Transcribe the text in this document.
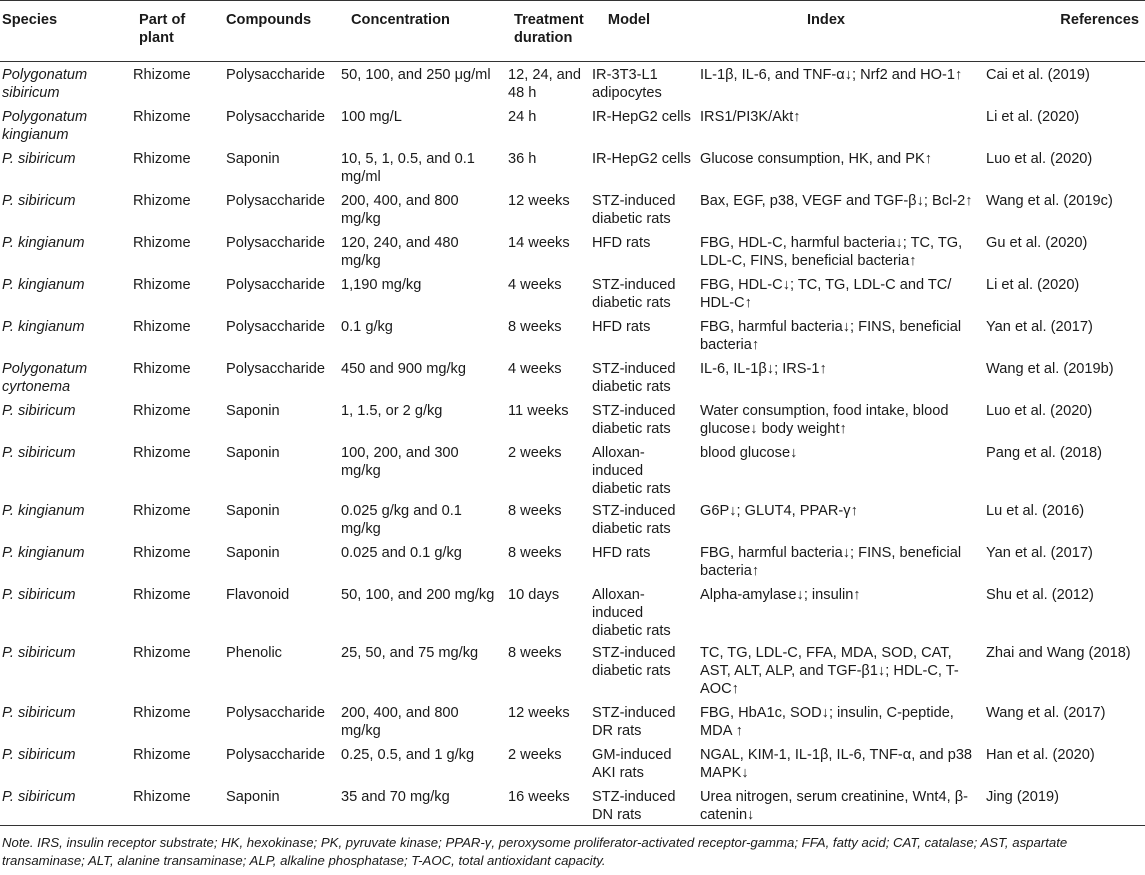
Species	Part of plant	Compounds	Concentration	Treatment duration	Model	Index	References
Polygonatum sibiricum	Rhizome	Polysaccharide	50, 100, and 250 μg/ml	12, 24, and 48 h	IR-3T3-L1 adipocytes	IL-1β, IL-6, and TNF-α↓; Nrf2 and HO-1↑	Cai et al. (2019)
Polygonatum kingianum	Rhizome	Polysaccharide	100 mg/L	24 h	IR-HepG2 cells	IRS1/PI3K/Akt↑	Li et al. (2020)
P. sibiricum	Rhizome	Saponin	10, 5, 1, 0.5, and 0.1 mg/ml	36 h	IR-HepG2 cells	Glucose consumption, HK, and PK↑	Luo et al. (2020)
P. sibiricum	Rhizome	Polysaccharide	200, 400, and 800 mg/kg	12 weeks	STZ-induced diabetic rats	Bax, EGF, p38, VEGF and TGF-β↓; Bcl-2↑	Wang et al. (2019c)
P. kingianum	Rhizome	Polysaccharide	120, 240, and 480 mg/kg	14 weeks	HFD rats	FBG, HDL-C, harmful bacteria↓; TC, TG, LDL-C, FINS, beneficial bacteria↑	Gu et al. (2020)
P. kingianum	Rhizome	Polysaccharide	1,190 mg/kg	4 weeks	STZ-induced diabetic rats	FBG, HDL-C↓; TC, TG, LDL-C and TC/ HDL-C↑	Li et al. (2020)
P. kingianum	Rhizome	Polysaccharide	0.1 g/kg	8 weeks	HFD rats	FBG, harmful bacteria↓; FINS, beneficial bacteria↑	Yan et al. (2017)
Polygonatum cyrtonema	Rhizome	Polysaccharide	450 and 900 mg/kg	4 weeks	STZ-induced diabetic rats	IL-6, IL-1β↓; IRS-1↑	Wang et al. (2019b)
P. sibiricum	Rhizome	Saponin	1, 1.5, or 2 g/kg	11 weeks	STZ-induced diabetic rats	Water consumption, food intake, blood glucose↓ body weight↑	Luo et al. (2020)
P. sibiricum	Rhizome	Saponin	100, 200, and 300 mg/kg	2 weeks	Alloxan-induced diabetic rats	blood glucose↓	Pang et al. (2018)
P. kingianum	Rhizome	Saponin	0.025 g/kg and 0.1 mg/kg	8 weeks	STZ-induced diabetic rats	G6P↓; GLUT4, PPAR-γ↑	Lu et al. (2016)
P. kingianum	Rhizome	Saponin	0.025 and 0.1 g/kg	8 weeks	HFD rats	FBG, harmful bacteria↓; FINS, beneficial bacteria↑	Yan et al. (2017)
P. sibiricum	Rhizome	Flavonoid	50, 100, and 200 mg/kg	10 days	Alloxan-induced diabetic rats	Alpha-amylase↓; insulin↑	Shu et al. (2012)
P. sibiricum	Rhizome	Phenolic	25, 50, and 75 mg/kg	8 weeks	STZ-induced diabetic rats	TC, TG, LDL-C, FFA, MDA, SOD, CAT, AST, ALT, ALP, and TGF-β1↓; HDL-C, T-AOC↑	Zhai and Wang (2018)
P. sibiricum	Rhizome	Polysaccharide	200, 400, and 800 mg/kg	12 weeks	STZ-induced DR rats	FBG, HbA1c, SOD↓; insulin, C-peptide, MDA ↑	Wang et al. (2017)
P. sibiricum	Rhizome	Polysaccharide	0.25, 0.5, and 1 g/kg	2 weeks	GM-induced AKI rats	NGAL, KIM-1, IL-1β, IL-6, TNF-α, and p38 MAPK↓	Han et al. (2020)
P. sibiricum	Rhizome	Saponin	35 and 70 mg/kg	16 weeks	STZ-induced DN rats	Urea nitrogen, serum creatinine, Wnt4, β-catenin↓	Jing (2019)
Note. IRS, insulin receptor substrate; HK, hexokinase; PK, pyruvate kinase; PPAR-γ, peroxysome proliferator-activated receptor-gamma; FFA, fatty acid; CAT, catalase; AST, aspartate transaminase; ALT, alanine transaminase; ALP, alkaline phosphatase; T-AOC, total antioxidant capacity.
